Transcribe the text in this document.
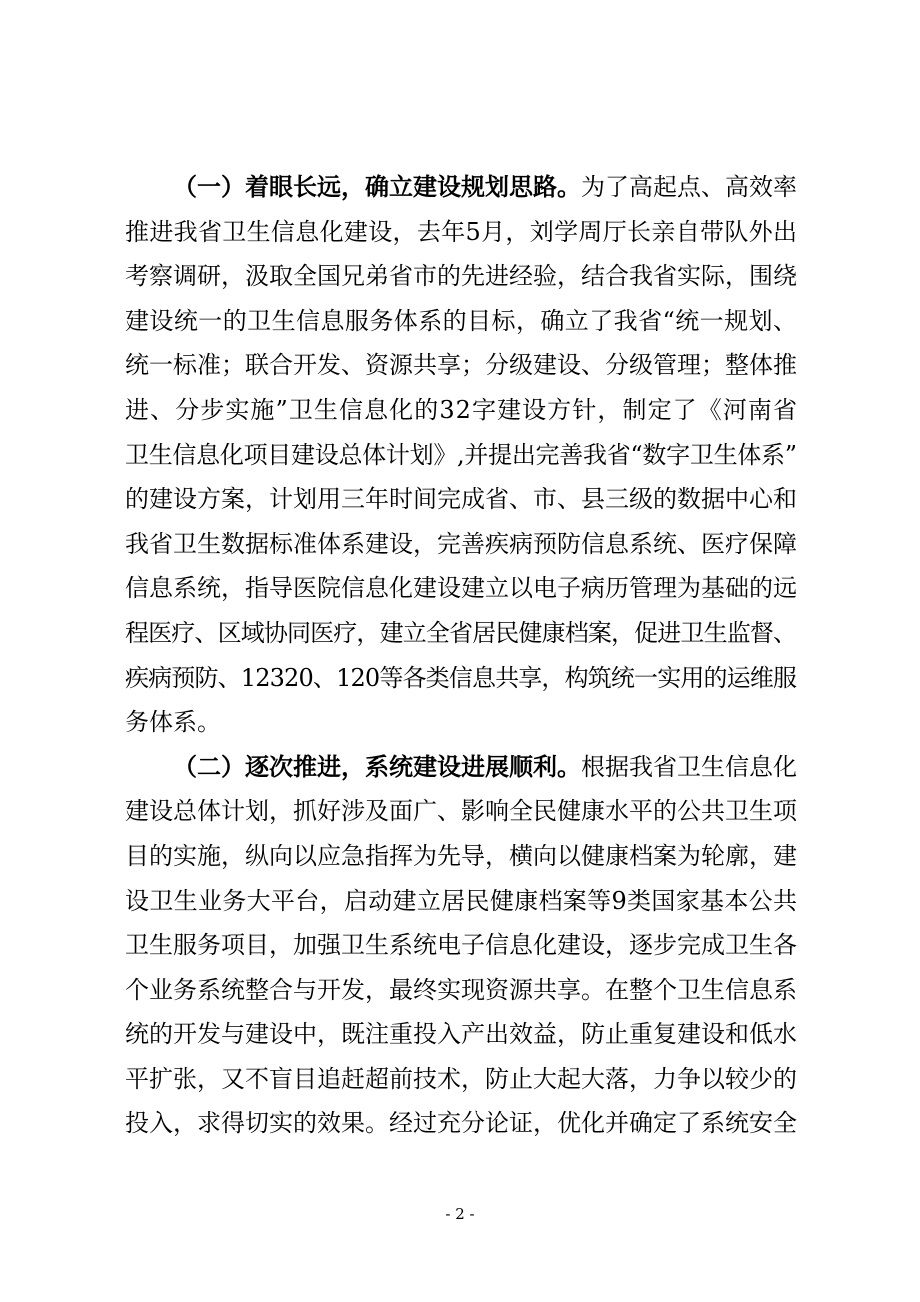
（一）着眼长远，确立建设规划思路。为了高起点、高效率
推进我省卫生信息化建设，去年5月，刘学周厅长亲自带队外出
考察调研，汲取全国兄弟省市的先进经验，结合我省实际，围绕
建设统一的卫生信息服务体系的目标，确立了我省“统一规划、
统一标准；联合开发、资源共享；分级建设、分级管理；整体推
进、分步实施”卫生信息化的32字建设方针，制定了《河南省
卫生信息化项目建设总体计划》,并提出完善我省“数字卫生体系”
的建设方案，计划用三年时间完成省、市、县三级的数据中心和
我省卫生数据标准体系建设，完善疾病预防信息系统、医疗保障
信息系统，指导医院信息化建设建立以电子病历管理为基础的远
程医疗、区域协同医疗，建立全省居民健康档案，促进卫生监督、
疾病预防、12320、120等各类信息共享，构筑统一实用的运维服
务体系。
（二）逐次推进，系统建设进展顺利。根据我省卫生信息化
建设总体计划，抓好涉及面广、影响全民健康水平的公共卫生项
目的实施，纵向以应急指挥为先导，横向以健康档案为轮廓，建
设卫生业务大平台，启动建立居民健康档案等9类国家基本公共
卫生服务项目，加强卫生系统电子信息化建设，逐步完成卫生各
个业务系统整合与开发，最终实现资源共享。在整个卫生信息系
统的开发与建设中，既注重投入产出效益，防止重复建设和低水
平扩张，又不盲目追赶超前技术，防止大起大落，力争以较少的
投入，求得切实的效果。经过充分论证，优化并确定了系统安全
- 2 -
